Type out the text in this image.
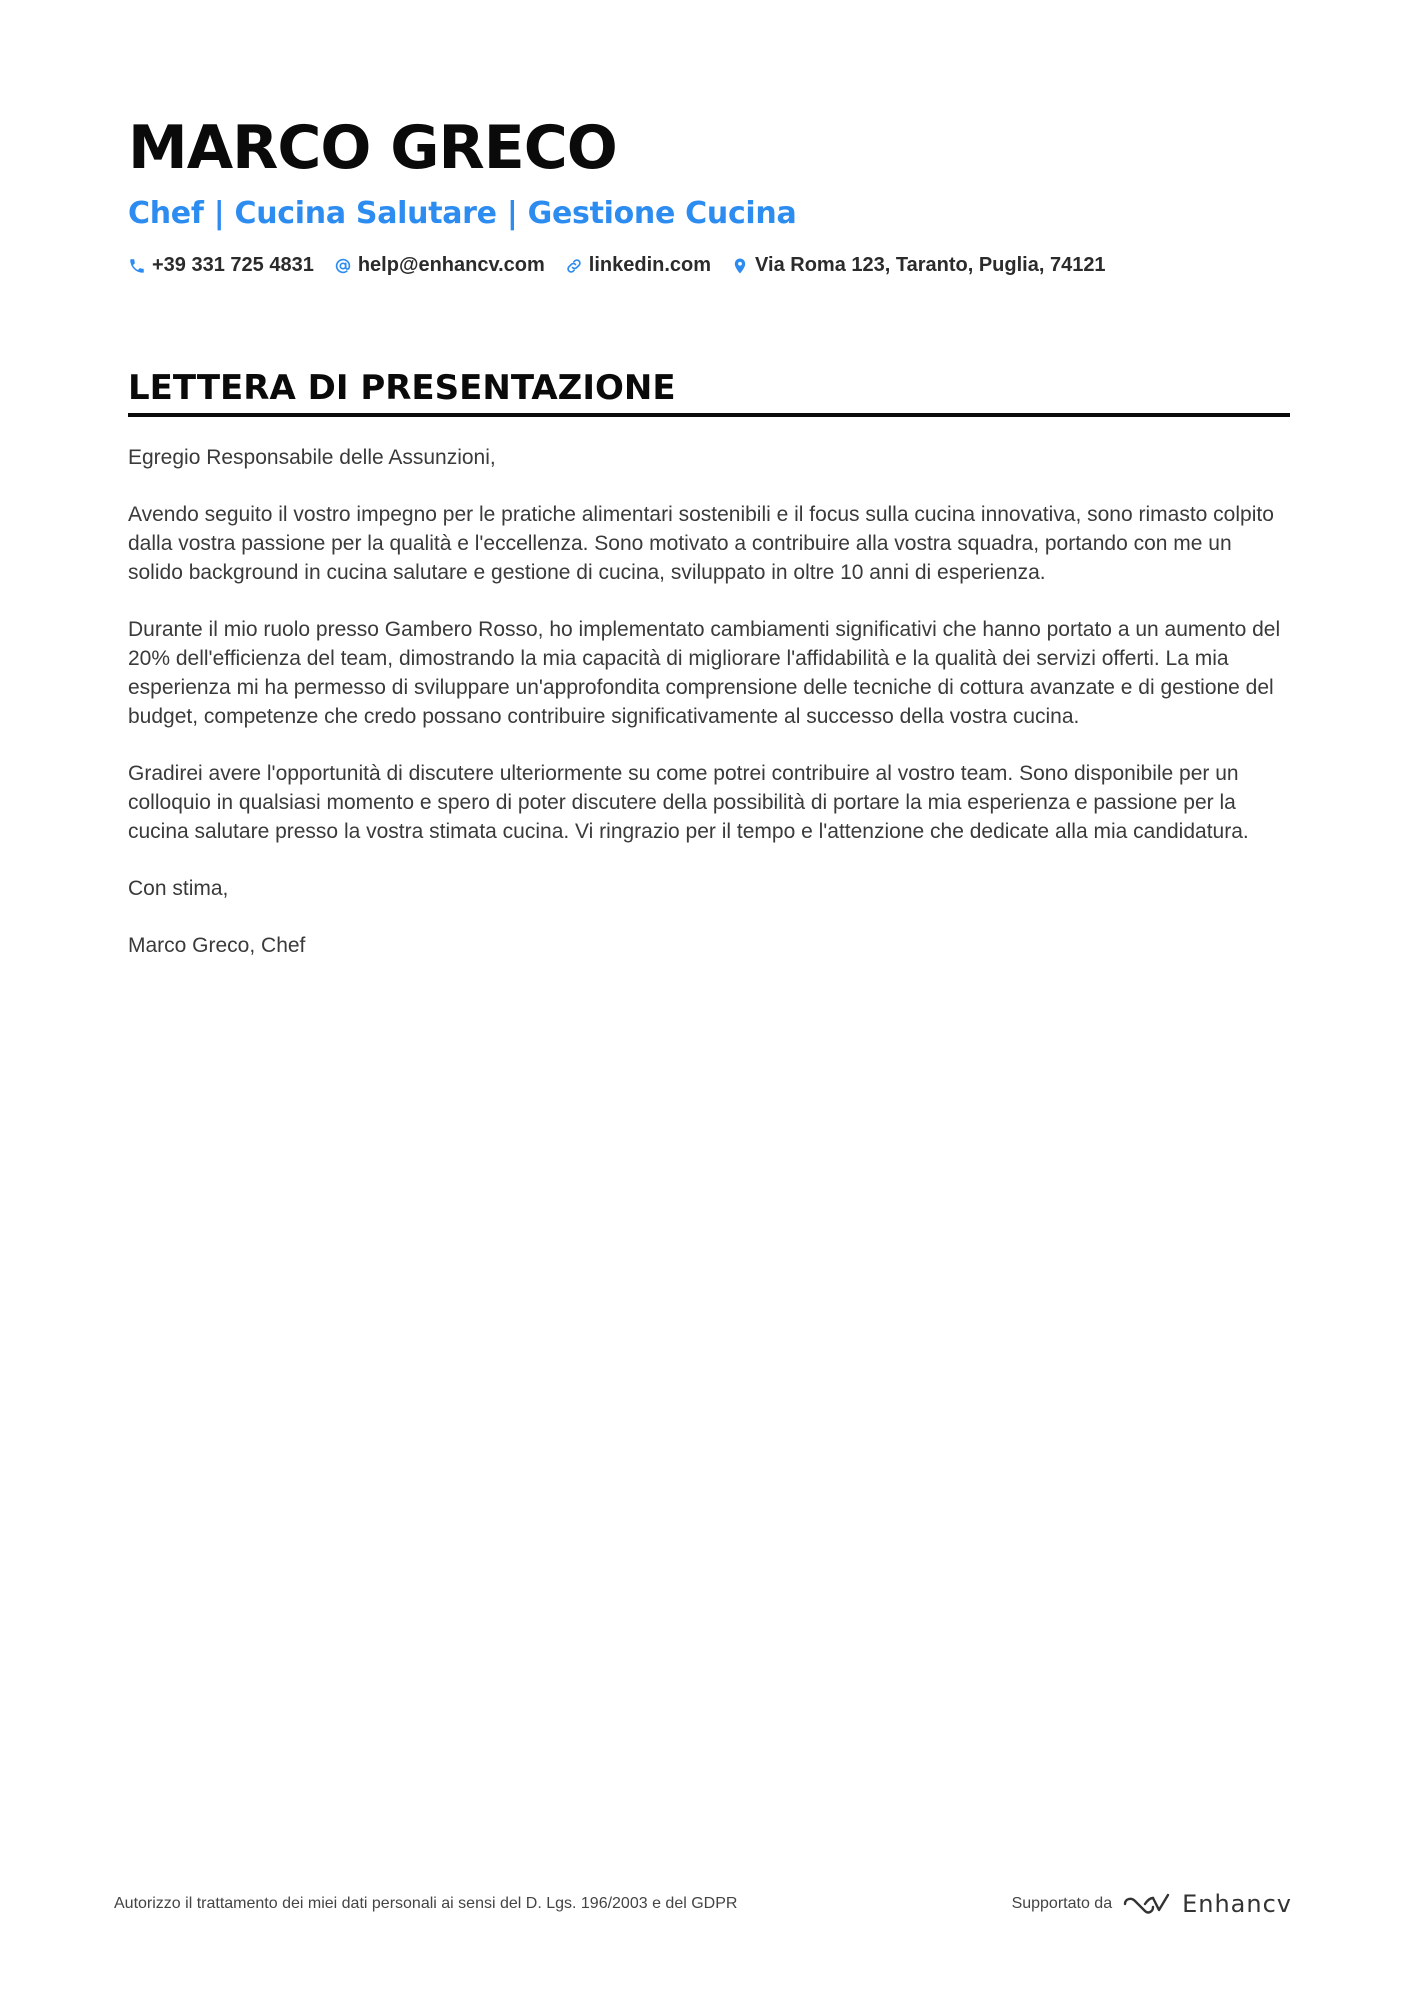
MARCO GRECO
Chef | Cucina Salutare | Gestione Cucina
+39 331 725 4831 help@enhancv.com linkedin.com Via Roma 123, Taranto, Puglia, 74121
LETTERA DI PRESENTAZIONE

Egregio Responsabile delle Assunzioni,

Avendo seguito il vostro impegno per le pratiche alimentari sostenibili e il focus sulla cucina innovativa, sono rimasto colpito dalla vostra passione per la qualità e l'eccellenza. Sono motivato a contribuire alla vostra squadra, portando con me un solido background in cucina salutare e gestione di cucina, sviluppato in oltre 10 anni di esperienza.

Durante il mio ruolo presso Gambero Rosso, ho implementato cambiamenti significativi che hanno portato a un aumento del 20% dell'efficienza del team, dimostrando la mia capacità di migliorare l'affidabilità e la qualità dei servizi offerti. La mia esperienza mi ha permesso di sviluppare un'approfondita comprensione delle tecniche di cottura avanzate e di gestione del budget, competenze che credo possano contribuire significativamente al successo della vostra cucina.

Gradirei avere l'opportunità di discutere ulteriormente su come potrei contribuire al vostro team. Sono disponibile per un colloquio in qualsiasi momento e spero di poter discutere della possibilità di portare la mia esperienza e passione per la cucina salutare presso la vostra stimata cucina. Vi ringrazio per il tempo e l'attenzione che dedicate alla mia candidatura.

Con stima,

Marco Greco, Chef

Autorizzo il trattamento dei miei dati personali ai sensi del D. Lgs. 196/2003 e del GDPR	Supportato da	Enhancv
